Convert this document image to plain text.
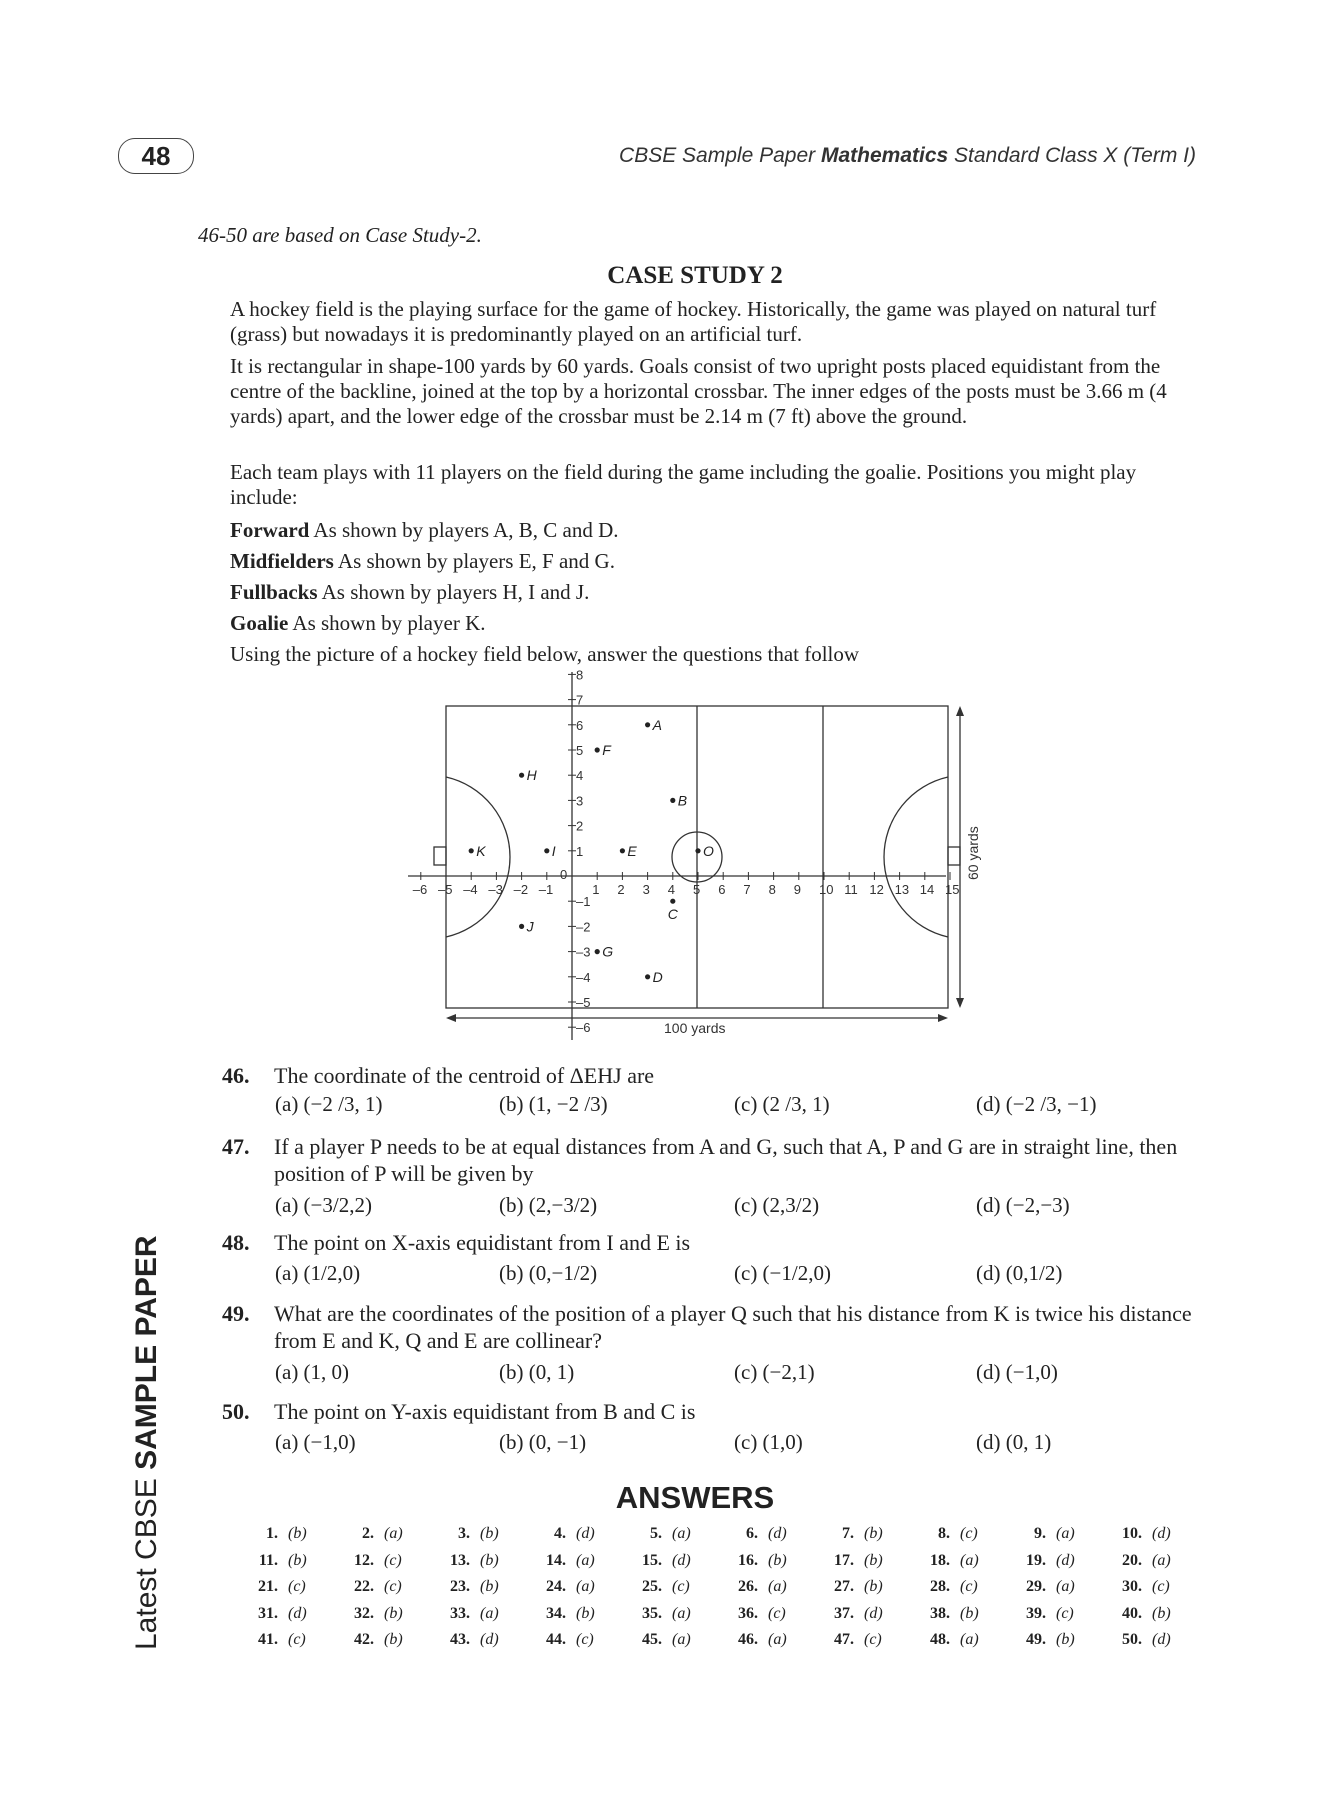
48	CBSE Sample Paper Mathematics Standard Class X (Term I)
Latest CBSE SAMPLE PAPER
46-50 are based on Case Study-2.
CASE STUDY 2
A hockey field is the playing surface for the game of hockey. Historically, the game was played on natural turf (grass) but nowadays it is predominantly played on an artificial turf.
It is rectangular in shape-100 yards by 60 yards. Goals consist of two upright posts placed equidistant from the centre of the backline, joined at the top by a horizontal crossbar. The inner edges of the posts must be 3.66 m (4 yards) apart, and the lower edge of the crossbar must be 2.14 m (7 ft) above the ground.
Each team plays with 11 players on the field during the game including the goalie. Positions you might play include:
Forward As shown by players A, B, C and D.
Midfielders As shown by players E, F and G.
Fullbacks As shown by players H, I and J.
Goalie As shown by player K.
Using the picture of a hockey field below, answer the questions that follow
–6 –5 –4 –3 –2 –1	1 2 3 4 5 6 7 8 9 10 11 12 13 14 15
1
2
3
4
5
6
7
8
–1
–2
–3
–4
–5
–6
A
B
C
D
E
F
G
H
I
J
K	O
0
100 yards
60 yards
46. The coordinate of the centroid of ΔEHJ are
(a) (−2 /3, 1)	(b) (1, −2 /3)	(c) (2 /3, 1)	(d) (−2 /3, −1)
47. If a player P needs to be at equal distances from A and G, such that A, P and G are in straight line, then position of P will be given by
(a) (−3/2,2)	(b) (2,−3/2)	(c) (2,3/2)	(d) (−2,−3)
48. The point on X-axis equidistant from I and E is
(a) (1/2,0)	(b) (0,−1/2)	(c) (−1/2,0)	(d) (0,1/2)
49. What are the coordinates of the position of a player Q such that his distance from K is twice his distance from E and K, Q and E are collinear?
(a) (1, 0)	(b) (0, 1)	(c) (−2,1)	(d) (−1,0)
50. The point on Y-axis equidistant from B and C is
(a) (−1,0)	(b) (0, −1)	(c) (1,0)	(d) (0, 1)
ANSWERS
1. (b)	2. (a)	3. (b)	4. (d)	5. (a)	6. (d)	7. (b)	8. (c)	9. (a)	10. (d)
11. (b)	12. (c)	13. (b)	14. (a)	15. (d)	16. (b)	17. (b)	18. (a)	19. (d)	20. (a)
21. (c)	22. (c)	23. (b)	24. (a)	25. (c)	26. (a)	27. (b)	28. (c)	29. (a)	30. (c)
31. (d)	32. (b)	33. (a)	34. (b)	35. (a)	36. (c)	37. (d)	38. (b)	39. (c)	40. (b)
41. (c)	42. (b)	43. (d)	44. (c)	45. (a)	46. (a)	47. (c)	48. (a)	49. (b)	50. (d)
